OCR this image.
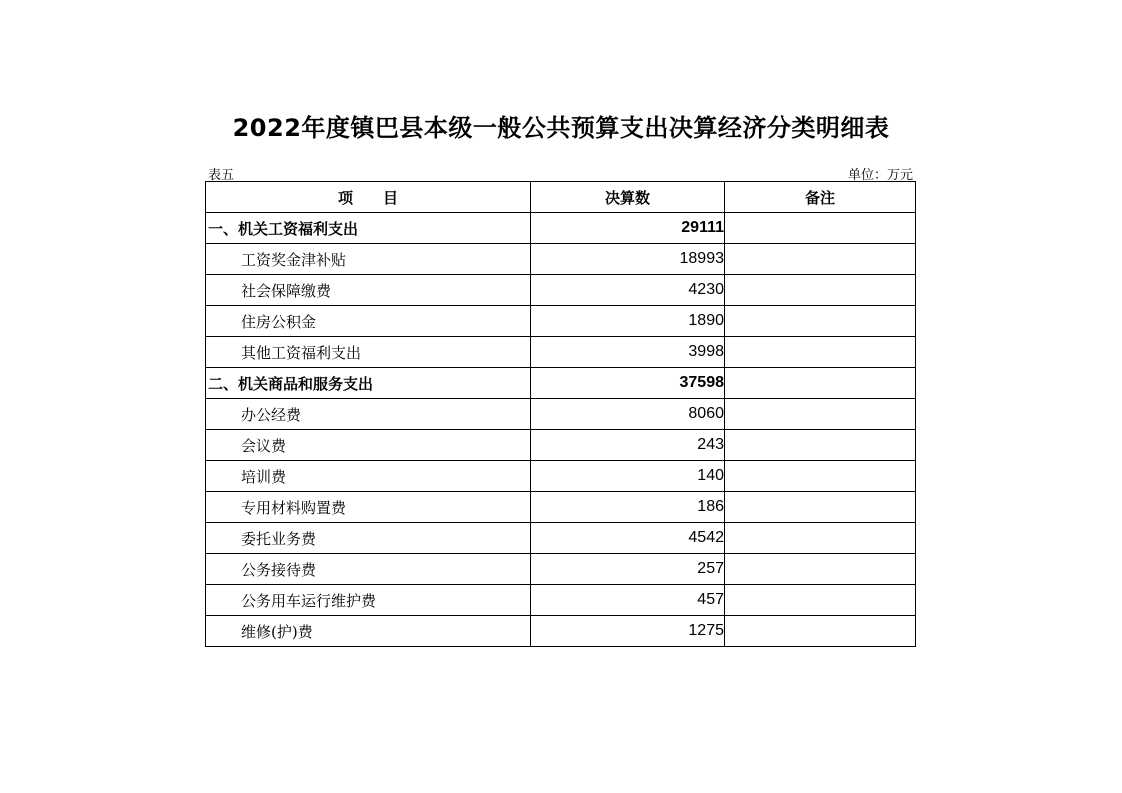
2022年度镇巴县本级一般公共预算支出决算经济分类明细表
表五	单位：万元
项　　目	决算数	备注
一、机关工资福利支出	29111	
工资奖金津补贴	18993	
社会保障缴费	4230	
住房公积金	1890	
其他工资福利支出	3998	
二、机关商品和服务支出	37598	
办公经费	8060	
会议费	243	
培训费	140	
专用材料购置费	186	
委托业务费	4542	
公务接待费	257	
公务用车运行维护费	457	
维修(护)费	1275	
